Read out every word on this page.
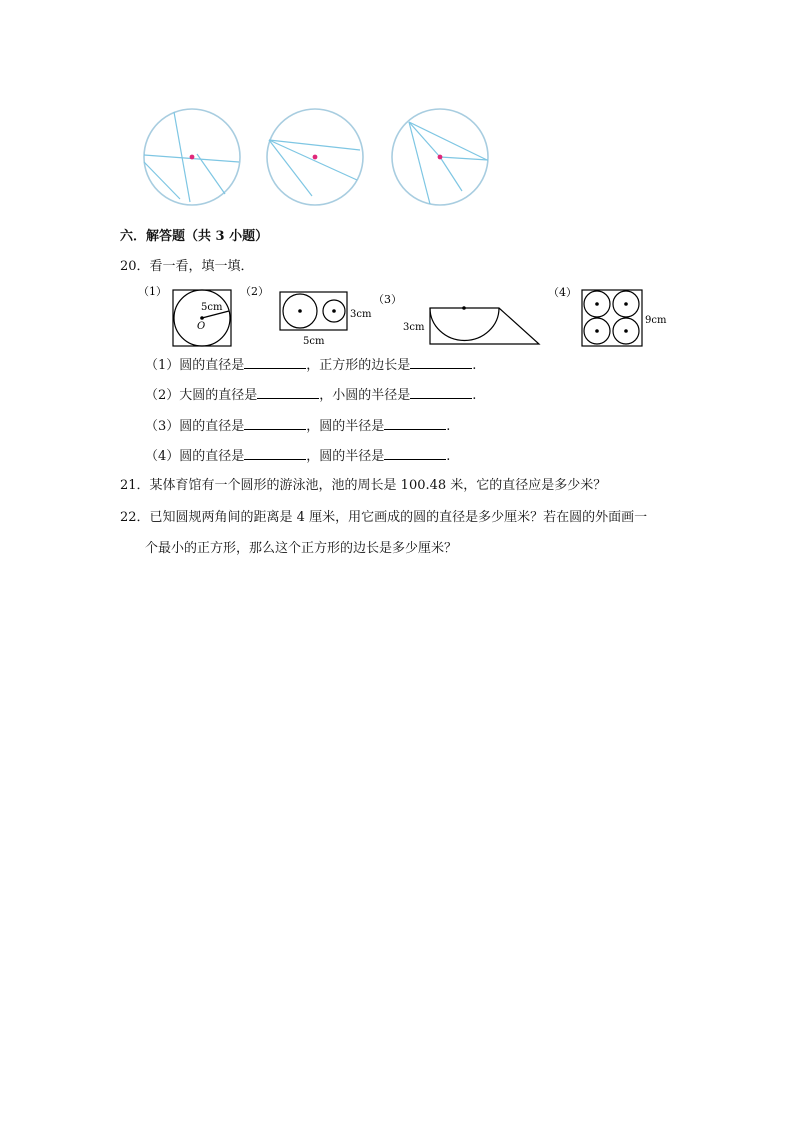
六．解答题（共 3 小题）
20．看一看，填一填．
（1）
5cm
O
（2）
3cm
5cm
（3）
3cm
（4）
9cm
（1）圆的直径是	，正方形的边长是	.
（2）大圆的直径是	，小圆的半径是	.
（3）圆的直径是	，圆的半径是	.
（4）圆的直径是	，圆的半径是	.
21．某体育馆有一个圆形的游泳池，池的周长是 100.48 米，它的直径应是多少米？
22．已知圆规两角间的距离是 4 厘米，用它画成的圆的直径是多少厘米？若在圆的外面画一
个最小的正方形，那么这个正方形的边长是多少厘米？
